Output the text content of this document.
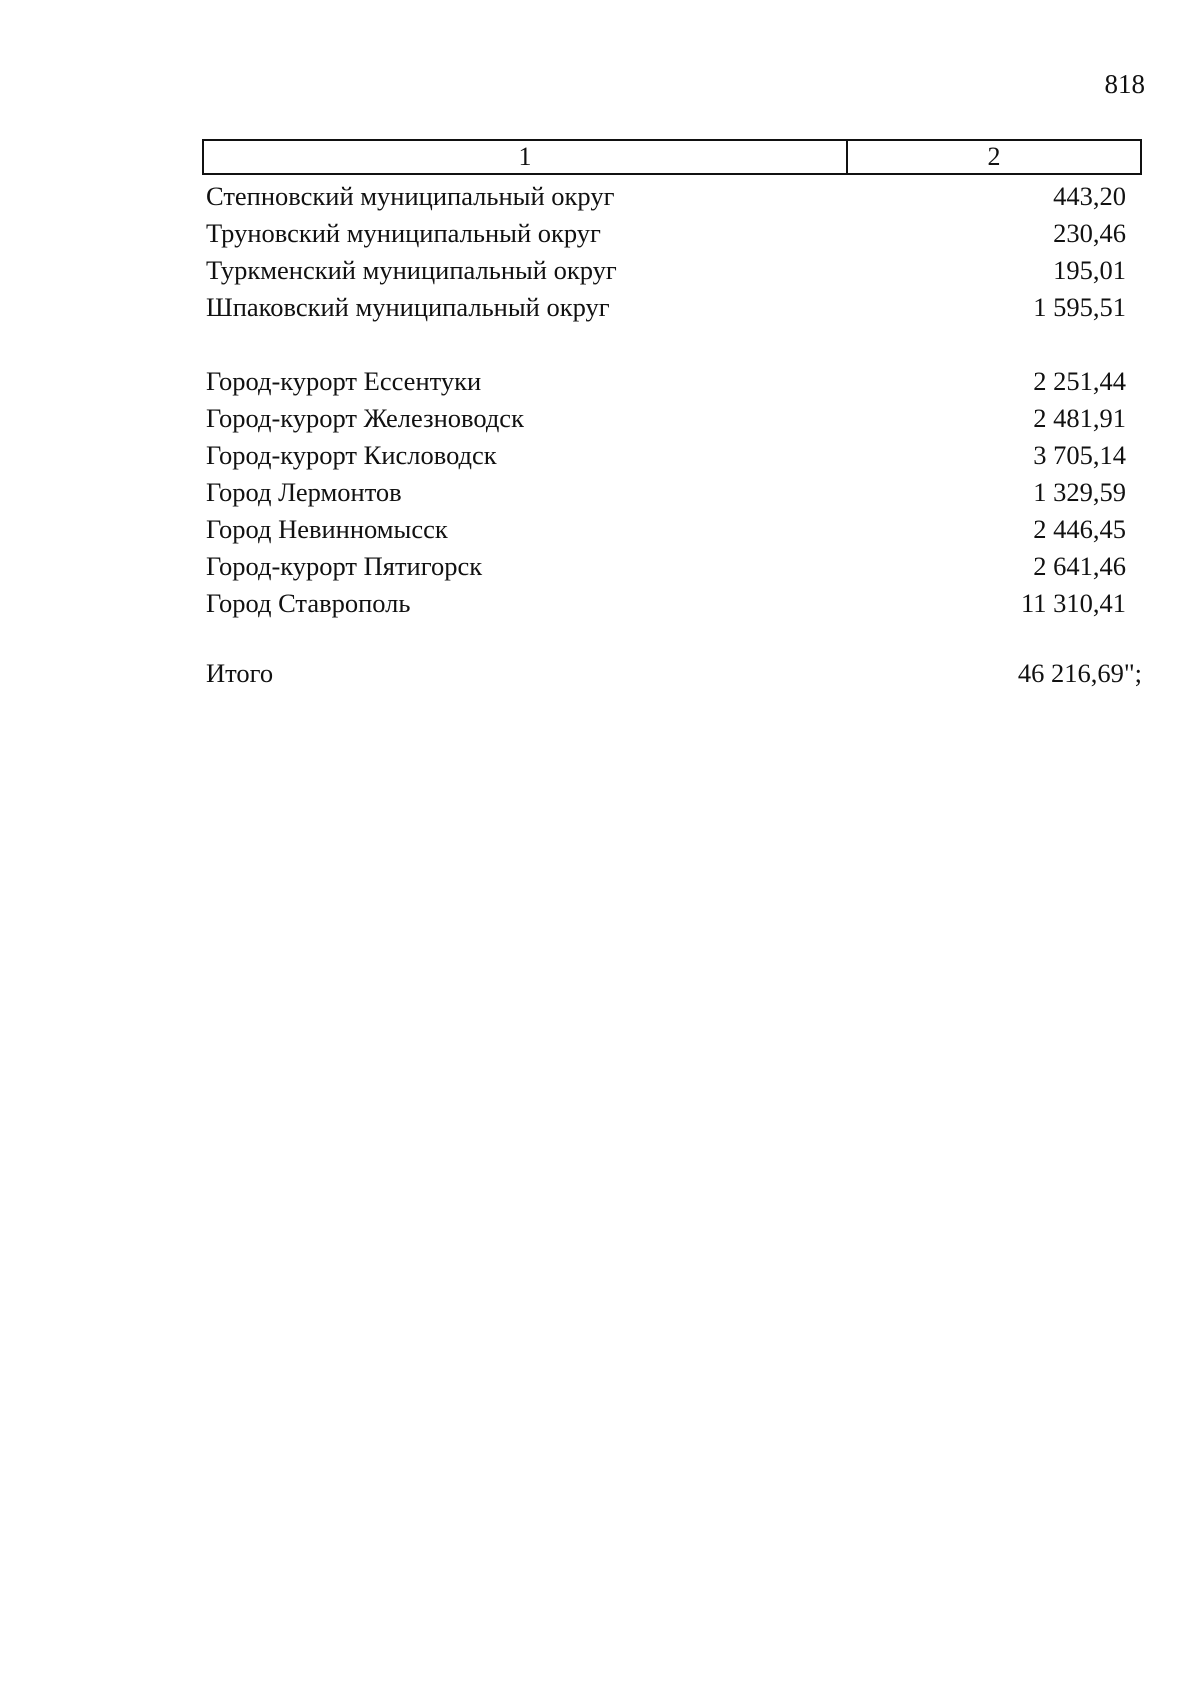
818
1	2
Степновский муниципальный округ	443,20
Труновский муниципальный округ	230,46
Туркменский муниципальный округ	195,01
Шпаковский муниципальный округ	1 595,51
Город-курорт Ессентуки	2 251,44
Город-курорт Железноводск	2 481,91
Город-курорт Кисловодск	3 705,14
Город Лермонтов	1 329,59
Город Невинномысск	2 446,45
Город-курорт Пятигорск	2 641,46
Город Ставрополь	11 310,41
Итого	46 216,69";
